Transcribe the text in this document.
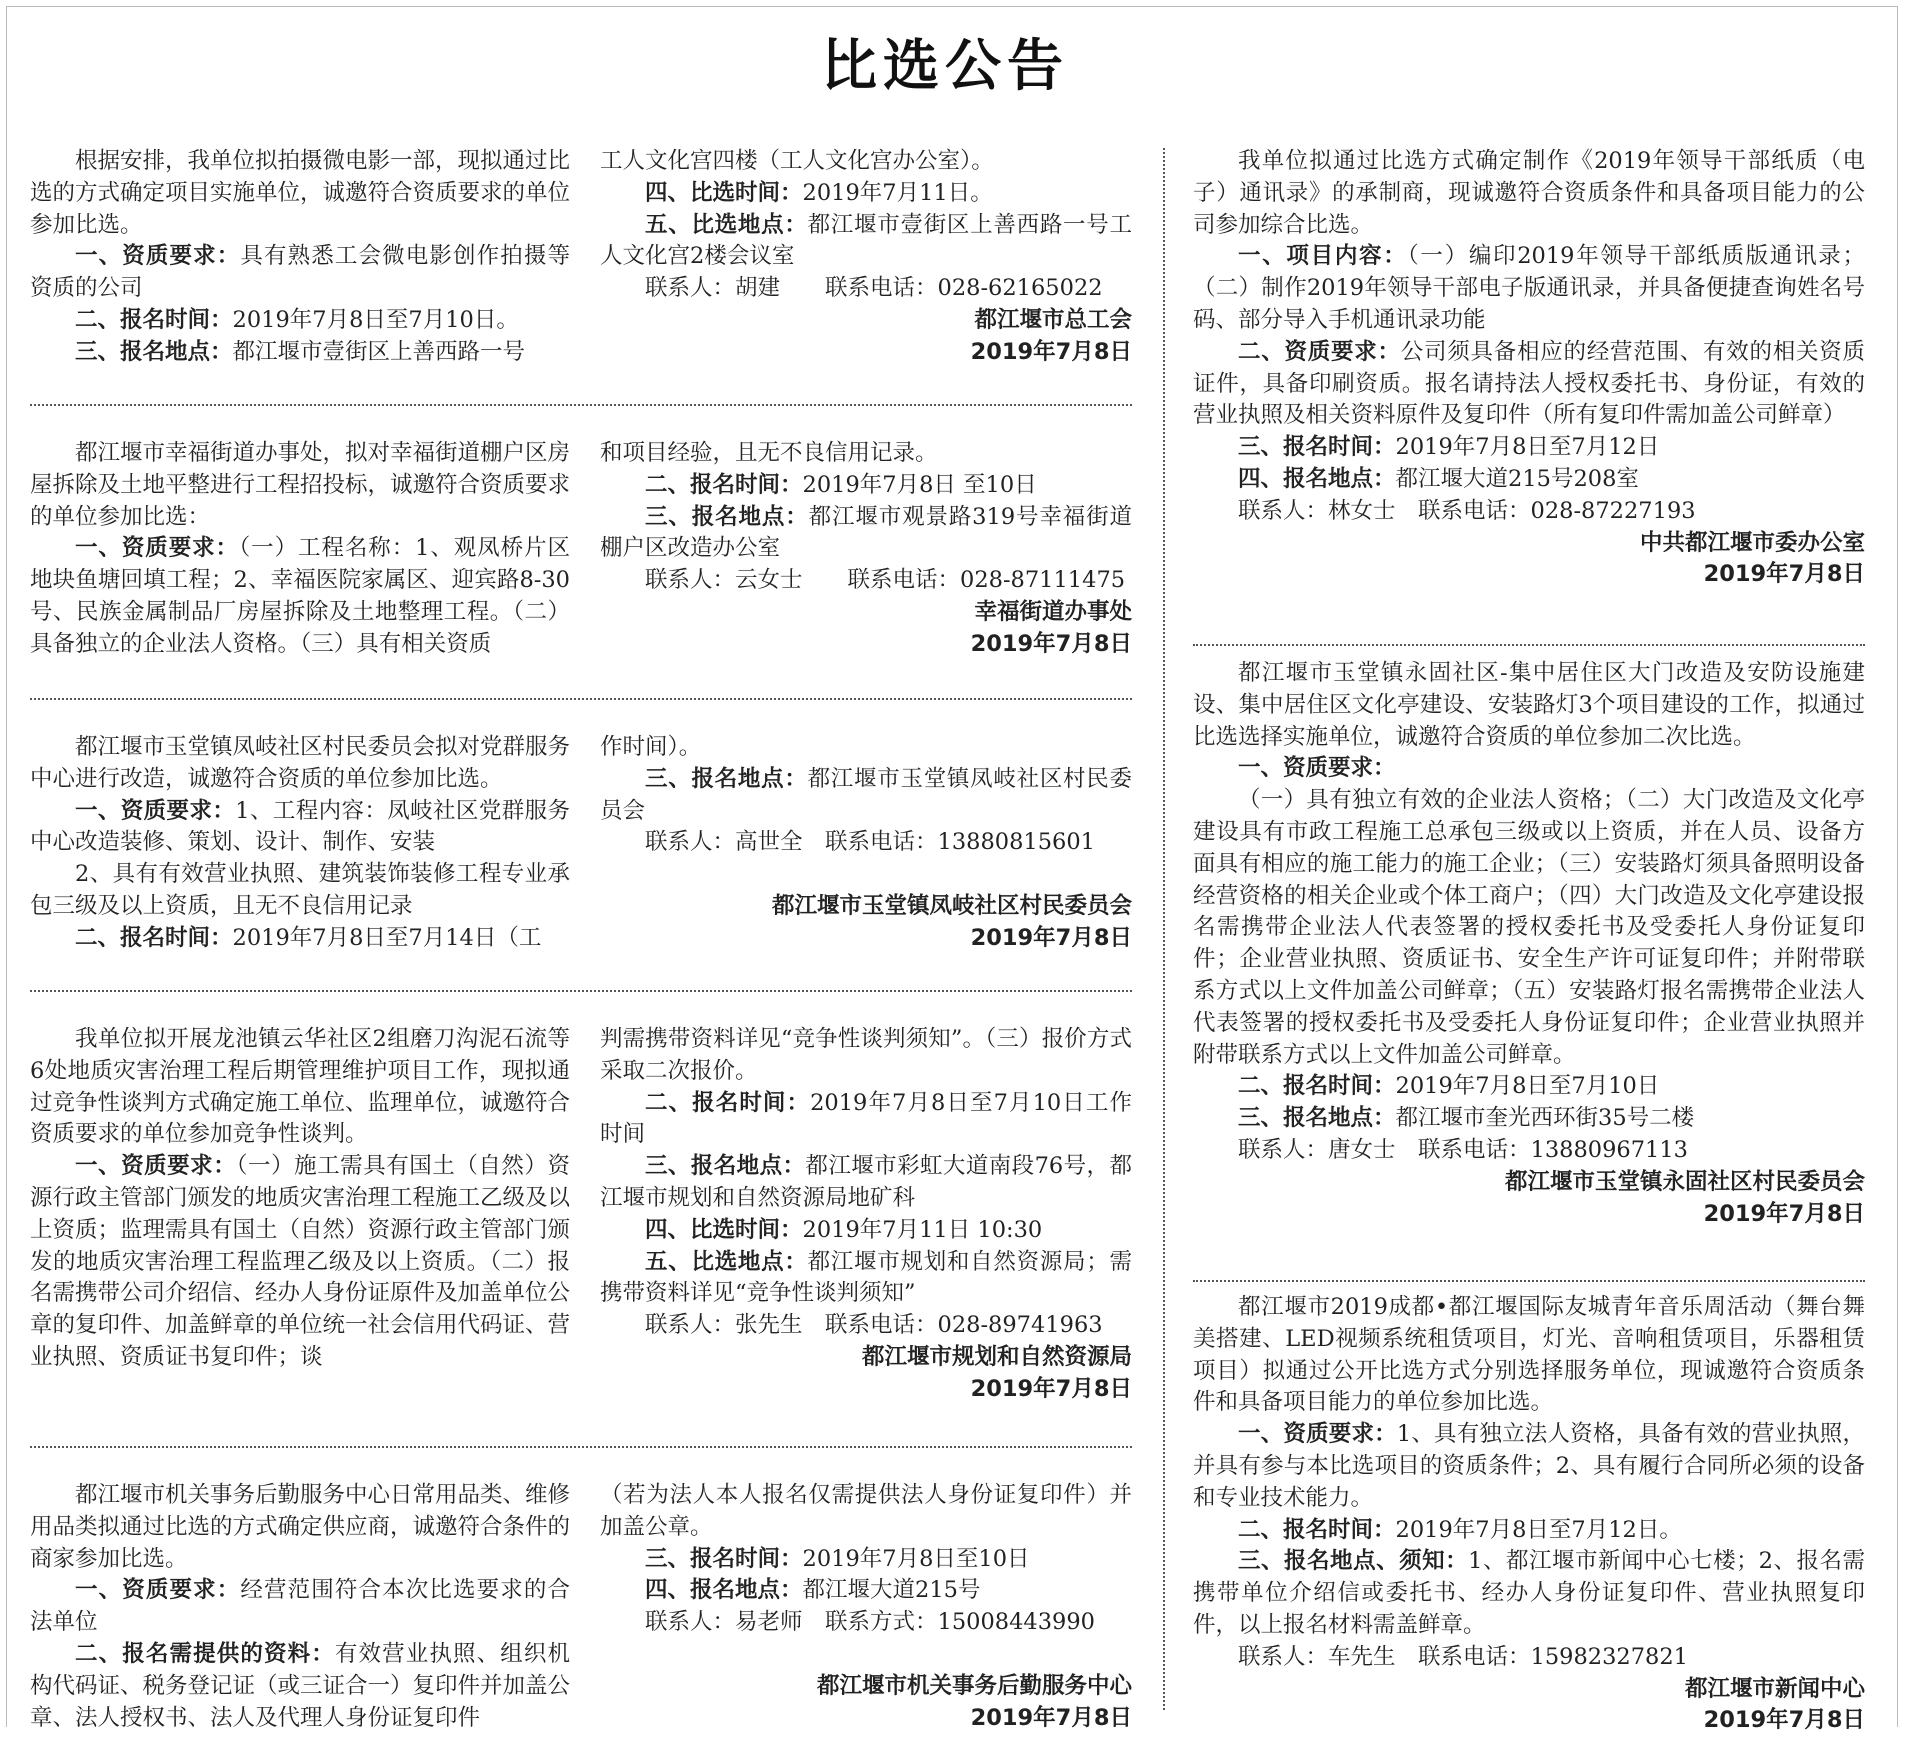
比选公告

根据安排，我单位拟拍摄微电影一部，现拟通过比选的方式确定项目实施单位，诚邀符合资质要求的单位参加比选。

一、资质要求：具有熟悉工会微电影创作拍摄等资质的公司

二、报名时间：2019年7月8日至7月10日。

三、报名地点：都江堰市壹街区上善西路一号

工人文化宫四楼（工人文化宫办公室）。

四、比选时间：2019年7月11日。

五、比选地点：都江堰市壹街区上善西路一号工人文化宫2楼会议室

联系人：胡建　　联系电话：028-62165022

都江堰市总工会

2019年7月8日

都江堰市幸福街道办事处，拟对幸福街道棚户区房屋拆除及土地平整进行工程招投标，诚邀符合资质要求的单位参加比选：

一、资质要求：（一）工程名称：1、观凤桥片区地块鱼塘回填工程；2、幸福医院家属区、迎宾路8-30号、民族金属制品厂房屋拆除及土地整理工程。（二）具备独立的企业法人资格。（三）具有相关资质

和项目经验，且无不良信用记录。

二、报名时间：2019年7月8日 至10日

三、报名地点：都江堰市观景路319号幸福街道棚户区改造办公室

联系人：云女士　　联系电话：028-87111475

幸福街道办事处

2019年7月8日

都江堰市玉堂镇凤岐社区村民委员会拟对党群服务中心进行改造，诚邀符合资质的单位参加比选。

一、资质要求：1、工程内容：凤岐社区党群服务中心改造装修、策划、设计、制作、安装

2、具有有效营业执照、建筑装饰装修工程专业承包三级及以上资质，且无不良信用记录

二、报名时间：2019年7月8日至7月14日（工

作时间）。

三、报名地点：都江堰市玉堂镇凤岐社区村民委员会

联系人：高世全　联系电话：13880815601

都江堰市玉堂镇凤岐社区村民委员会

2019年7月8日

我单位拟开展龙池镇云华社区2组磨刀沟泥石流等6处地质灾害治理工程后期管理维护项目工作，现拟通过竞争性谈判方式确定施工单位、监理单位，诚邀符合资质要求的单位参加竞争性谈判。

一、资质要求：（一）施工需具有国土（自然）资源行政主管部门颁发的地质灾害治理工程施工乙级及以上资质；监理需具有国土（自然）资源行政主管部门颁发的地质灾害治理工程监理乙级及以上资质。（二）报名需携带公司介绍信、经办人身份证原件及加盖单位公章的复印件、加盖鲜章的单位统一社会信用代码证、营业执照、资质证书复印件；谈

判需携带资料详见“竞争性谈判须知”。（三）报价方式采取二次报价。

二、报名时间：2019年7月8日至7月10日工作时间

三、报名地点：都江堰市彩虹大道南段76号，都江堰市规划和自然资源局地矿科

四、比选时间：2019年7月11日 10:30

五、比选地点：都江堰市规划和自然资源局；需携带资料详见“竞争性谈判须知”

联系人：张先生　联系电话：028-89741963

都江堰市规划和自然资源局

2019年7月8日

都江堰市机关事务后勤服务中心日常用品类、维修用品类拟通过比选的方式确定供应商，诚邀符合条件的商家参加比选。

一、资质要求：经营范围符合本次比选要求的合法单位

二、报名需提供的资料：有效营业执照、组织机构代码证、税务登记证（或三证合一）复印件并加盖公章、法人授权书、法人及代理人身份证复印件

（若为法人本人报名仅需提供法人身份证复印件）并加盖公章。

三、报名时间：2019年7月8日至10日

四、报名地点：都江堰大道215号

联系人：易老师　联系方式：15008443990

都江堰市机关事务后勤服务中心

2019年7月8日

我单位拟通过比选方式确定制作《2019年领导干部纸质（电子）通讯录》的承制商，现诚邀符合资质条件和具备项目能力的公司参加综合比选。

一、项目内容：（一）编印2019年领导干部纸质版通讯录；（二）制作2019年领导干部电子版通讯录，并具备便捷查询姓名号码、部分导入手机通讯录功能

二、资质要求：公司须具备相应的经营范围、有效的相关资质证件，具备印刷资质。报名请持法人授权委托书、身份证，有效的营业执照及相关资料原件及复印件（所有复印件需加盖公司鲜章）

三、报名时间：2019年7月8日至7月12日

四、报名地点：都江堰大道215号208室

联系人：林女士　联系电话：028-87227193

中共都江堰市委办公室

2019年7月8日

都江堰市玉堂镇永固社区-集中居住区大门改造及安防设施建设、集中居住区文化亭建设、安装路灯3个项目建设的工作，拟通过比选选择实施单位，诚邀符合资质的单位参加二次比选。

一、资质要求：

（一）具有独立有效的企业法人资格；（二）大门改造及文化亭建设具有市政工程施工总承包三级或以上资质，并在人员、设备方面具有相应的施工能力的施工企业；（三）安装路灯须具备照明设备经营资格的相关企业或个体工商户；（四）大门改造及文化亭建设报名需携带企业法人代表签署的授权委托书及受委托人身份证复印件；企业营业执照、资质证书、安全生产许可证复印件；并附带联系方式以上文件加盖公司鲜章；（五）安装路灯报名需携带企业法人代表签署的授权委托书及受委托人身份证复印件；企业营业执照并附带联系方式以上文件加盖公司鲜章。

二、报名时间：2019年7月8日至7月10日

三、报名地点：都江堰市奎光西环街35号二楼

联系人：唐女士　联系电话：13880967113

都江堰市玉堂镇永固社区村民委员会

2019年7月8日

都江堰市2019成都•都江堰国际友城青年音乐周活动（舞台舞美搭建、LED视频系统租赁项目，灯光、音响租赁项目，乐器租赁项目）拟通过公开比选方式分别选择服务单位，现诚邀符合资质条件和具备项目能力的单位参加比选。

一、资质要求：1、具有独立法人资格，具备有效的营业执照，并具有参与本比选项目的资质条件；2、具有履行合同所必须的设备和专业技术能力。

二、报名时间：2019年7月8日至7月12日。

三、报名地点、须知：1、都江堰市新闻中心七楼；2、报名需携带单位介绍信或委托书、经办人身份证复印件、营业执照复印件，以上报名材料需盖鲜章。

联系人：车先生　联系电话：15982327821

都江堰市新闻中心

2019年7月8日
